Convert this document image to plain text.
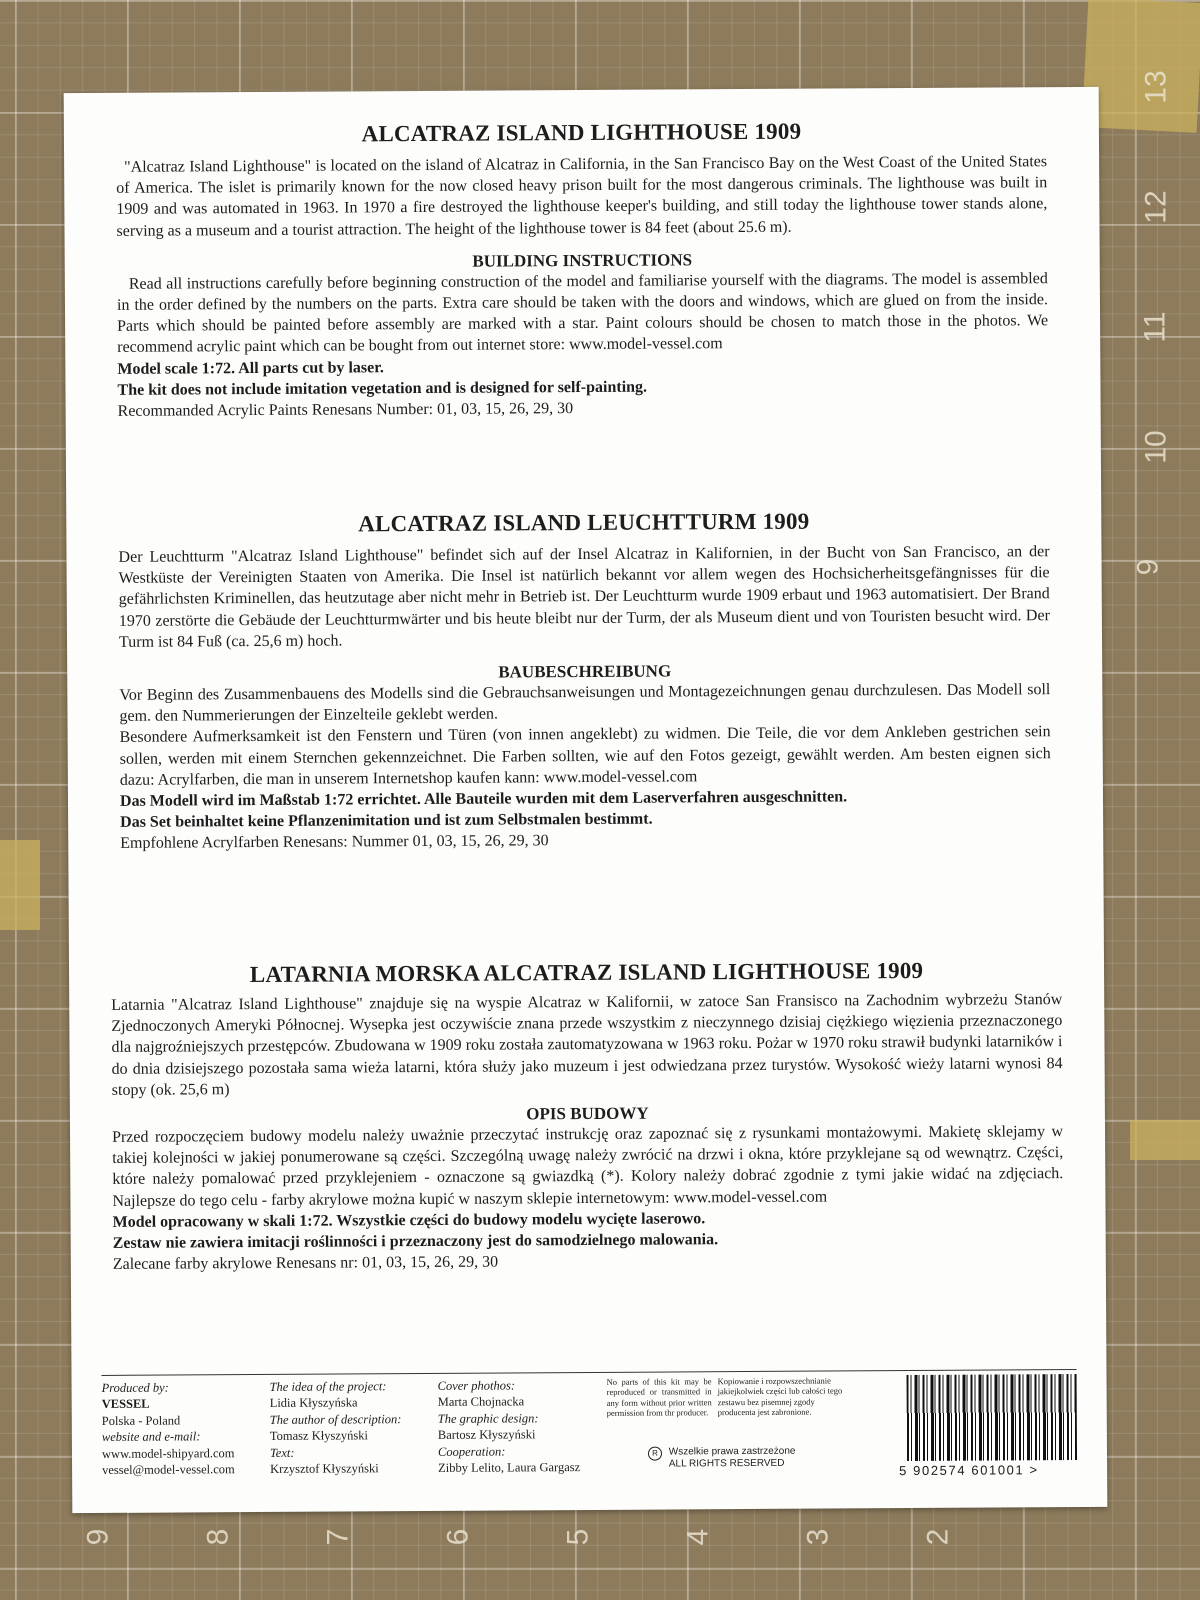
13
12
11
10
9
9	8	7	6	5	4	3	2
ALCATRAZ ISLAND LIGHTHOUSE 1909

"Alcatraz Island Lighthouse" is located on the island of Alcatraz in California, in the San Francisco Bay on the West Coast of the United States of America. The islet is primarily known for the now closed heavy prison built for the most dangerous criminals. The lighthouse was built in 1909 and was automated in 1963. In 1970 a fire destroyed the lighthouse keeper's building, and still today the lighthouse tower stands alone, serving as a museum and a tourist attraction. The height of the lighthouse tower is 84 feet (about 25.6 m).

BUILDING INSTRUCTIONS

Read all instructions carefully before beginning construction of the model and familiarise yourself with the diagrams. The model is assembled in the order defined by the numbers on the parts. Extra care should be taken with the doors and windows, which are glued on from the inside. Parts which should be painted before assembly are marked with a star. Paint colours should be chosen to match those in the photos. We recommend acrylic paint which can be bought from out internet store: www.model-vessel.com

Model scale 1:72. All parts cut by laser.

The kit does not include imitation vegetation and is designed for self-painting.

Recommanded Acrylic Paints Renesans Number: 01, 03, 15, 26, 29, 30

ALCATRAZ ISLAND LEUCHTTURM 1909

Der Leuchtturm "Alcatraz Island Lighthouse" befindet sich auf der Insel Alcatraz in Kalifornien, in der Bucht von San Francisco, an der Westküste der Vereinigten Staaten von Amerika. Die Insel ist natürlich bekannt vor allem wegen des Hochsicherheitsgefängnisses für die gefährlichsten Kriminellen, das heutzutage aber nicht mehr in Betrieb ist. Der Leuchtturm wurde 1909 erbaut und 1963 automatisiert. Der Brand 1970 zerstörte die Gebäude der Leuchtturmwärter und bis heute bleibt nur der Turm, der als Museum dient und von Touristen besucht wird. Der Turm ist 84 Fuß (ca. 25,6 m) hoch.

BAUBESCHREIBUNG

Vor Beginn des Zusammenbauens des Modells sind die Gebrauchsanweisungen und Montagezeichnungen genau durchzulesen. Das Modell soll gem. den Nummerierungen der Einzelteile geklebt werden.

Besondere Aufmerksamkeit ist den Fenstern und Türen (von innen angeklebt) zu widmen. Die Teile, die vor dem Ankleben gestrichen sein sollen, werden mit einem Sternchen gekennzeichnet. Die Farben sollten, wie auf den Fotos gezeigt, gewählt werden. Am besten eignen sich dazu: Acrylfarben, die man in unserem Internetshop kaufen kann: www.model-vessel.com

Das Modell wird im Maßstab 1:72 errichtet. Alle Bauteile wurden mit dem Laserverfahren ausgeschnitten.

Das Set beinhaltet keine Pflanzenimitation und ist zum Selbstmalen bestimmt.

Empfohlene Acrylfarben Renesans: Nummer 01, 03, 15, 26, 29, 30

LATARNIA MORSKA ALCATRAZ ISLAND LIGHTHOUSE 1909

Latarnia "Alcatraz Island Lighthouse" znajduje się na wyspie Alcatraz w Kalifornii, w zatoce San Fransisco na Zachodnim wybrzeżu Stanów Zjednoczonych Ameryki Północnej. Wysepka jest oczywiście znana przede wszystkim z nieczynnego dzisiaj ciężkiego więzienia przeznaczonego dla najgroźniejszych przestępców. Zbudowana w 1909 roku została zautomatyzowana w 1963 roku. Pożar w 1970 roku strawił budynki latarników i do dnia dzisiejszego pozostała sama wieża latarni, która służy jako muzeum i jest odwiedzana przez turystów. Wysokość wieży latarni wynosi 84 stopy (ok. 25,6 m)

OPIS BUDOWY

Przed rozpoczęciem budowy modelu należy uważnie przeczytać instrukcję oraz zapoznać się z rysunkami montażowymi. Makietę sklejamy w takiej kolejności w jakiej ponumerowane są części. Szczególną uwagę należy zwrócić na drzwi i okna, które przyklejane są od wewnątrz. Części, które należy pomalować przed przyklejeniem - oznaczone są gwiazdką (*). Kolory należy dobrać zgodnie z tymi jakie widać na zdjęciach. Najlepsze do tego celu - farby akrylowe można kupić w naszym sklepie internetowym: www.model-vessel.com

Model opracowany w skali 1:72. Wszystkie części do budowy modelu wycięte laserowo.

Zestaw nie zawiera imitacji roślinności i przeznaczony jest do samodzielnego malowania.

Zalecane farby akrylowe Renesans nr: 01, 03, 15, 26, 29, 30

Produced by:
VESSEL
Polska - Poland
website and e-mail:
www.model-shipyard.com
vessel@model-vessel.com
The idea of the project:
Lidia Kłyszyńska
The author of description:
Tomasz Kłyszyński
Text:
Krzysztof Kłyszyński
Cover phothos:
Marta Chojnacka
The graphic design:
Bartosz Kłyszyński
Cooperation:
Zibby Lelito, Laura Gargasz
No parts of this kit may be reproduced or transmitted in any form without prior written permission from thr producer.
Kopiowanie i rozpowszechnianie jakiejkolwiek części lub całości tego zestawu bez pisemnej zgody producenta jest zabronione.
R Wszelkie prawa zastrzeżone
ALL RIGHTS RESERVED	5 902574 601001 >
